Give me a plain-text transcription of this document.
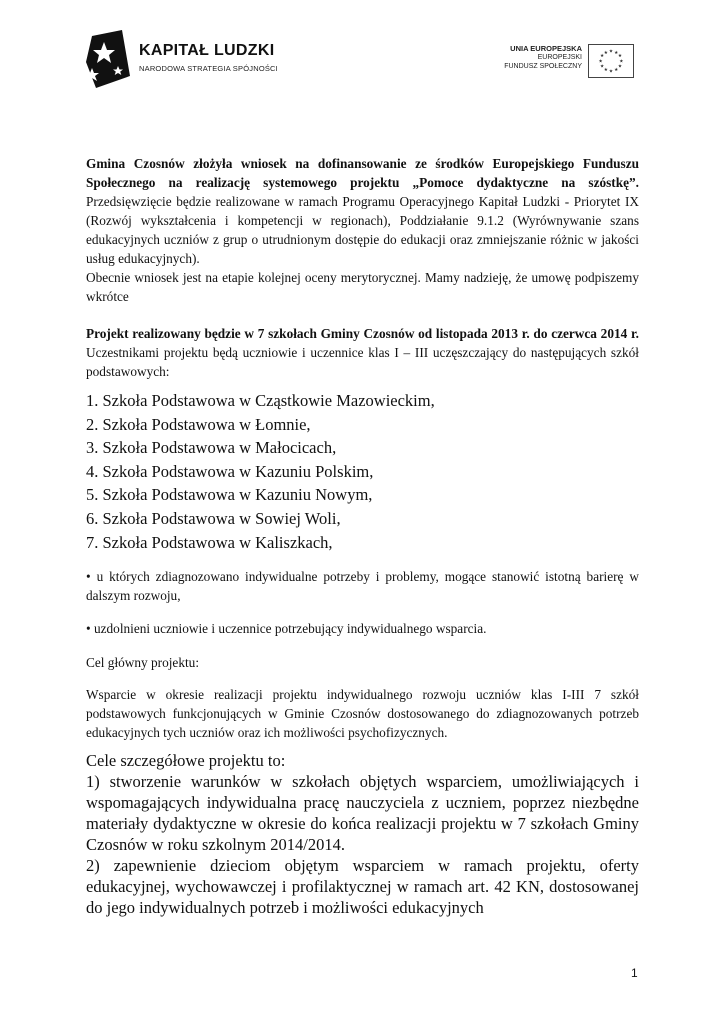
KAPITAŁ LUDZKI
NARODOWA STRATEGIA SPÓJNOŚCI
UNIA EUROPEJSKA
EUROPEJSKI
FUNDUSZ SPOŁECZNY
★ ★
★
★
★
★
★
★
★
★
★
★
Gmina Czosnów złożyła wniosek na dofinansowanie ze środków Europejskiego Funduszu Społecznego na realizację systemowego projektu „Pomoce dydaktyczne na szóstkę”. Przedsięwzięcie będzie realizowane w ramach Programu Operacyjnego Kapitał Ludzki - Priorytet IX (Rozwój wykształcenia i kompetencji w regionach), Poddziałanie 9.1.2 (Wyrównywanie szans edukacyjnych uczniów z grup o utrudnionym dostępie do edukacji oraz zmniejszanie różnic w jakości usług edukacyjnych).
Obecnie wniosek jest na etapie kolejnej oceny merytorycznej. Mamy nadzieję, że umowę podpiszemy wkrótce
Projekt realizowany będzie w 7 szkołach Gminy Czosnów od listopada 2013 r. do czerwca 2014 r. Uczestnikami projektu będą uczniowie i uczennice klas I – III uczęszczający do następujących szkół podstawowych:
1. Szkoła Podstawowa w Cząstkowie Mazowieckim,
2. Szkoła Podstawowa w Łomnie,
3. Szkoła Podstawowa w Małocicach,
4. Szkoła Podstawowa w Kazuniu Polskim,
5. Szkoła Podstawowa w Kazuniu Nowym,
6. Szkoła Podstawowa w Sowiej Woli,
7. Szkoła Podstawowa w Kaliszkach,
• u których zdiagnozowano indywidualne potrzeby i problemy, mogące stanowić istotną barierę w dalszym rozwoju,
• uzdolnieni uczniowie i uczennice potrzebujący indywidualnego wsparcia.
Cel główny projektu:
Wsparcie w okresie realizacji projektu indywidualnego rozwoju uczniów klas I-III 7 szkół podstawowych funkcjonujących w Gminie Czosnów dostosowanego do zdiagnozowanych potrzeb edukacyjnych tych uczniów oraz ich możliwości psychofizycznych.
Cele szczegółowe projektu to:
1) stworzenie warunków w szkołach objętych wsparciem, umożliwiających i wspomagających indywidualna pracę nauczyciela z uczniem, poprzez niezbędne materiały dydaktyczne w okresie do końca realizacji projektu w 7 szkołach Gminy Czosnów w roku szkolnym 2014/2014.
2) zapewnienie dzieciom objętym wsparciem w ramach projektu, oferty edukacyjnej, wychowawczej i profilaktycznej w ramach art. 42 KN, dostosowanej do jego indywidualnych potrzeb i możliwości edukacyjnych
1
